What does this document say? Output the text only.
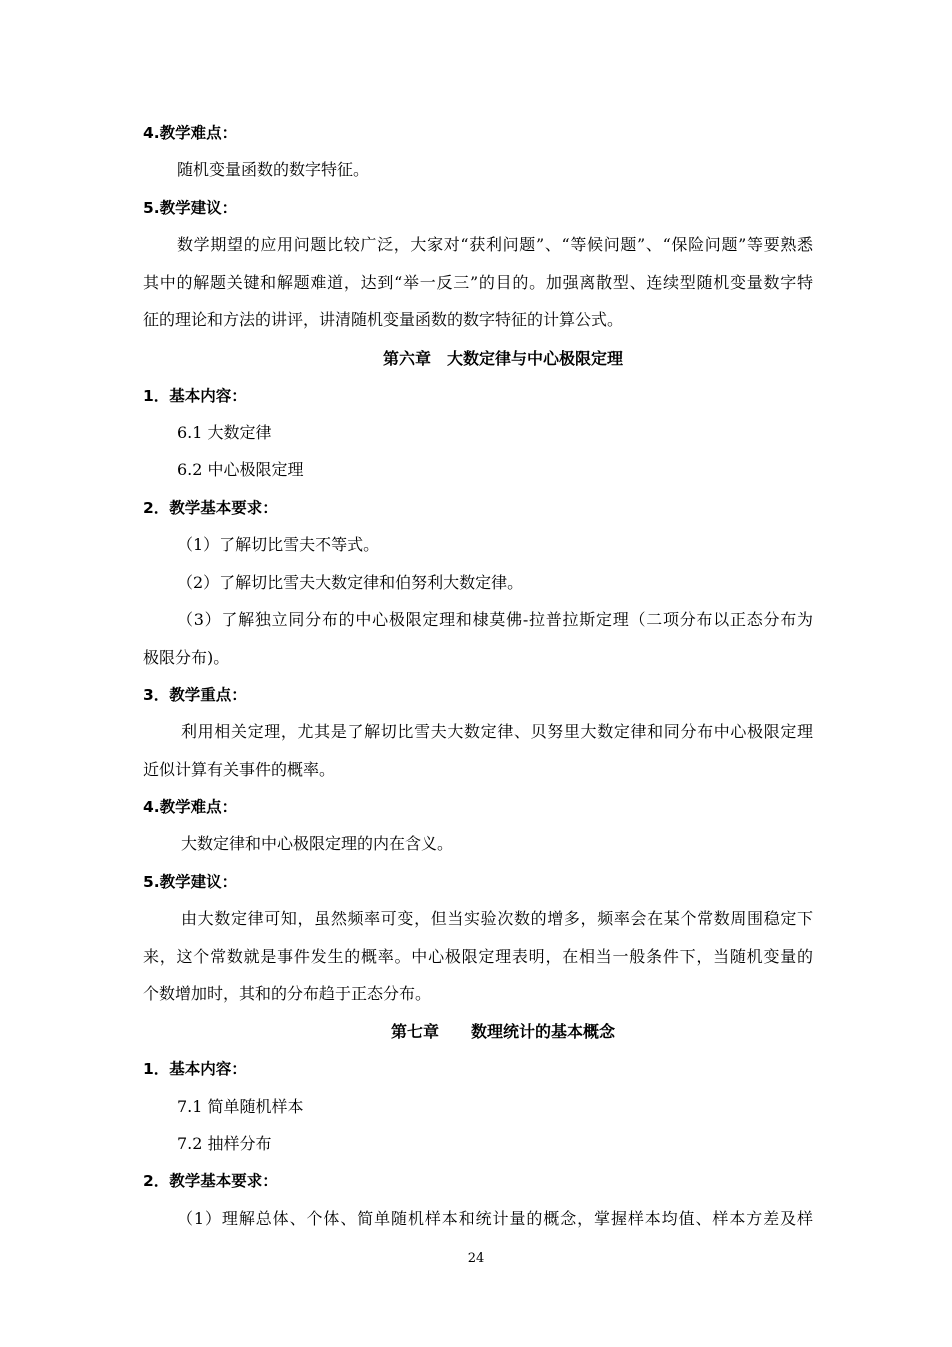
4.教学难点：
随机变量函数的数字特征。
5.教学建议：
数学期望的应用问题比较广泛，大家对“获利问题”、“等候问题”、“保险问题”等要熟悉
其中的解题关键和解题难道，达到“举一反三”的目的。加强离散型、连续型随机变量数字特
征的理论和方法的讲评，讲清随机变量函数的数字特征的计算公式。
第六章　大数定律与中心极限定理
1．基本内容：
6.1 大数定律
6.2 中心极限定理
2．教学基本要求：
（1）了解切比雪夫不等式。
（2）了解切比雪夫大数定律和伯努利大数定律。
（3）了解独立同分布的中心极限定理和棣莫佛-拉普拉斯定理（二项分布以正态分布为
极限分布)。
3．教学重点：
利用相关定理，尤其是了解切比雪夫大数定律、贝努里大数定律和同分布中心极限定理
近似计算有关事件的概率。
4.教学难点：
大数定律和中心极限定理的内在含义。
5.教学建议：
由大数定律可知，虽然频率可变，但当实验次数的增多，频率会在某个常数周围稳定下
来，这个常数就是事件发生的概率。中心极限定理表明，在相当一般条件下，当随机变量的
个数增加时，其和的分布趋于正态分布。
第七章　　数理统计的基本概念
1．基本内容：
7.1 简单随机样本
7.2 抽样分布
2．教学基本要求：
（1）理解总体、个体、简单随机样本和统计量的概念，掌握样本均值、样本方差及样
24
